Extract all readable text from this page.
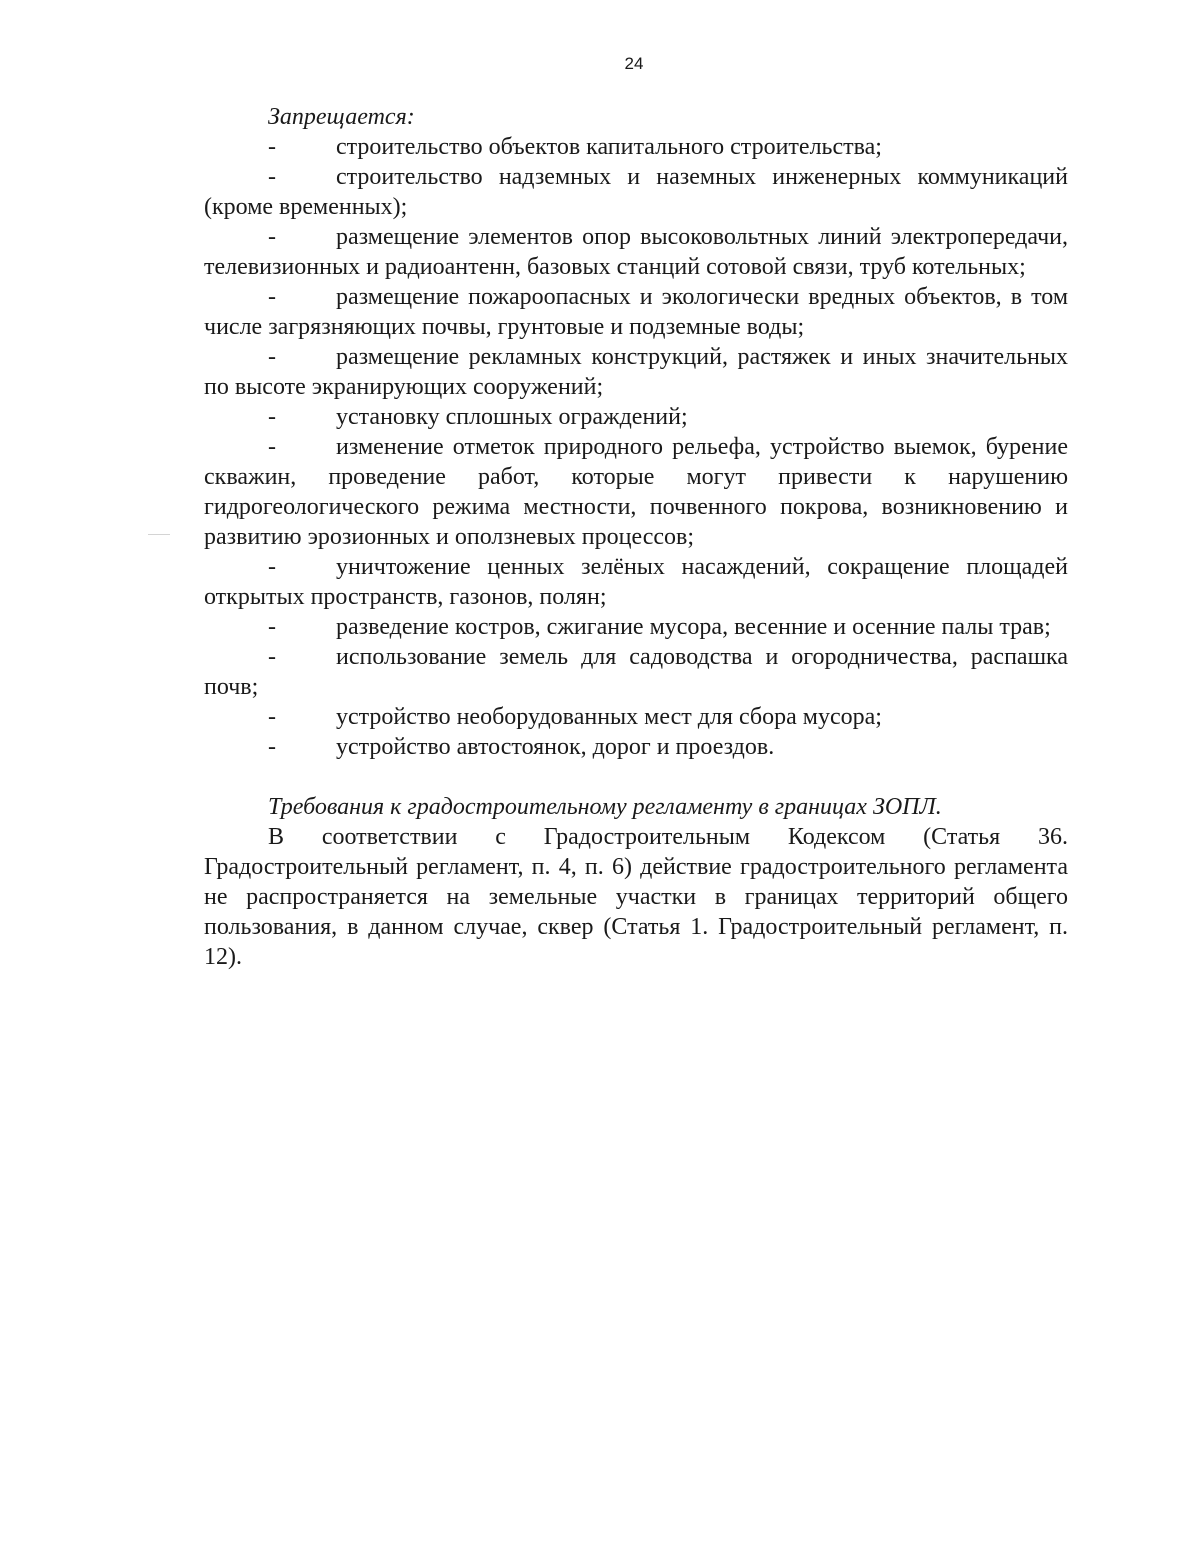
24
Запрещается:
-	строительство объектов капитального строительства;
-	строительство надземных и наземных инженерных коммуникаций (кроме временных);
-	размещение элементов опор высоковольтных линий электропередачи, телевизионных и радиоантенн, базовых станций сотовой связи, труб котельных;
-	размещение пожароопасных и экологически вредных объектов, в том числе загрязняющих почвы, грунтовые и подземные воды;
-	размещение рекламных конструкций, растяжек и иных значительных по высоте экранирующих сооружений;
-	установку сплошных ограждений;
-	изменение отметок природного рельефа, устройство выемок, бурение скважин, проведение работ, которые могут привести к нарушению гидрогеологического режима местности, почвенного покрова, возникновению и развитию эрозионных и оползневых процессов;
-	уничтожение ценных зелёных насаждений, сокращение площадей открытых пространств, газонов, полян;
-	разведение костров, сжигание мусора, весенние и осенние палы трав;
-	использование земель для садоводства и огородничества, распашка почв;
-	устройство необорудованных мест для сбора мусора;
-	устройство автостоянок, дорог и проездов.
Требования к градостроительному регламенту в границах ЗОПЛ.
В соответствии с Градостроительным Кодексом (Статья 36. Градостроительный регламент, п. 4, п. 6) действие градостроительного регламента не распространяется на земельные участки в границах территорий общего пользования, в данном случае, сквер (Статья 1. Градостроительный регламент, п. 12).
